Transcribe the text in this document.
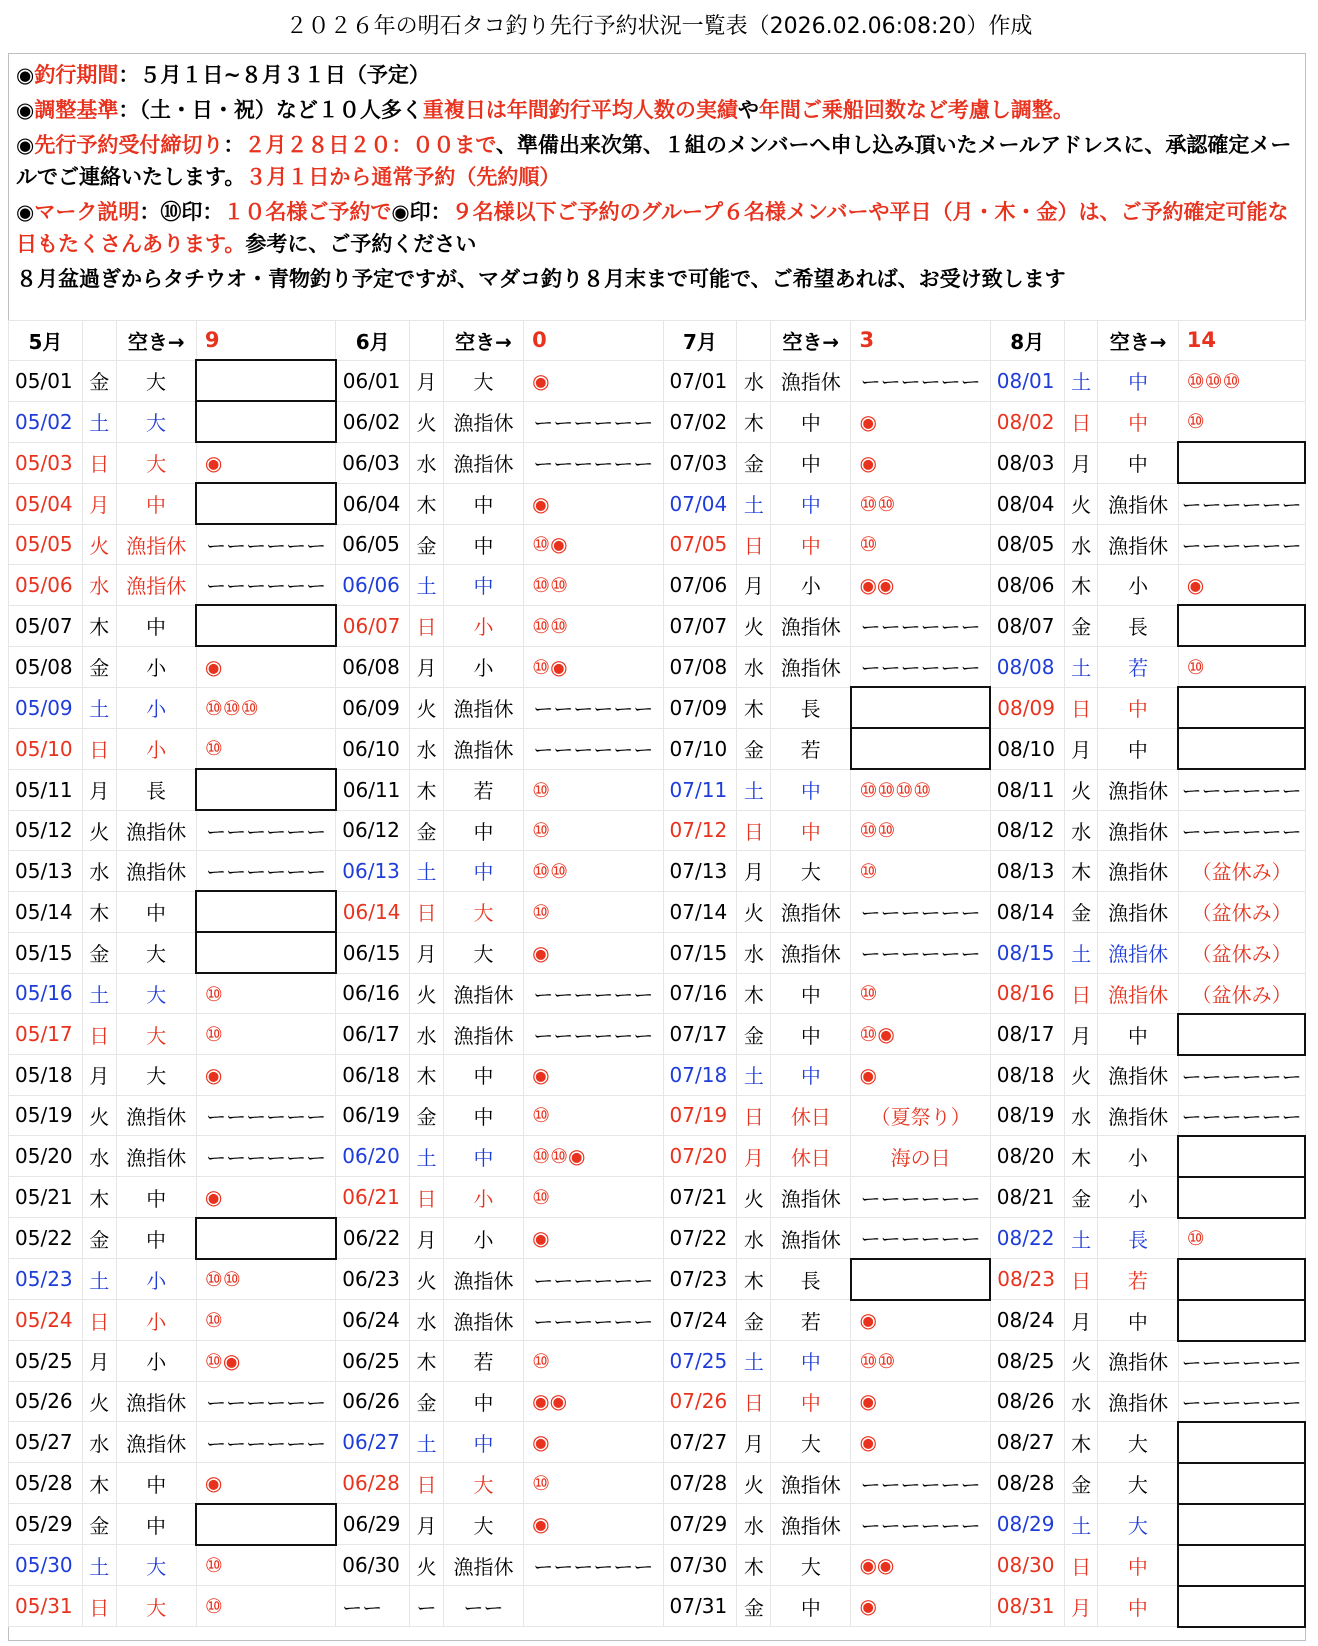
２０２６年の明石タコ釣り先行予約状況一覧表（2026.02.06:08:20）作成
◉釣行期間：５月１日~８月３１日（予定）
◉調整基準：（土・日・祝）など１０人多く重複日は年間釣行平均人数の実績や年間ご乗船回数など考慮し調整。
◉先行予約受付締切り：２月２８日２０：００まで、準備出来次第、１組のメンバーへ申し込み頂いたメールアドレスに、承認確定メールでご連絡いたします。３月１日から通常予約（先約順）
◉マーク説明：⑩印：１０名様ご予約で◉印：９名様以下ご予約のグループ６名様メンバーや平日（月・木・金）は、ご予約確定可能な日もたくさんあります。参考に、ご予約ください
８月盆過ぎからタチウオ・青物釣り予定ですが、マダコ釣り８月末まで可能で、ご希望あれば、お受け致します
5月		空き→	9	6月		空き→	0	7月		空き→	3	8月		空き→	14
05/01	金	大		06/01	月	大	◉	07/01	水	漁指休	ーーーーーー	08/01	土	中	⑩⑩⑩
05/02	土	大		06/02	火	漁指休	ーーーーーー	07/02	木	中	◉	08/02	日	中	⑩
05/03	日	大	◉	06/03	水	漁指休	ーーーーーー	07/03	金	中	◉	08/03	月	中	
05/04	月	中		06/04	木	中	◉	07/04	土	中	⑩⑩	08/04	火	漁指休	ーーーーーー
05/05	火	漁指休	ーーーーーー	06/05	金	中	⑩◉	07/05	日	中	⑩	08/05	水	漁指休	ーーーーーー
05/06	水	漁指休	ーーーーーー	06/06	土	中	⑩⑩	07/06	月	小	◉◉	08/06	木	小	◉
05/07	木	中		06/07	日	小	⑩⑩	07/07	火	漁指休	ーーーーーー	08/07	金	長	
05/08	金	小	◉	06/08	月	小	⑩◉	07/08	水	漁指休	ーーーーーー	08/08	土	若	⑩
05/09	土	小	⑩⑩⑩	06/09	火	漁指休	ーーーーーー	07/09	木	長		08/09	日	中	
05/10	日	小	⑩	06/10	水	漁指休	ーーーーーー	07/10	金	若		08/10	月	中	
05/11	月	長		06/11	木	若	⑩	07/11	土	中	⑩⑩⑩⑩	08/11	火	漁指休	ーーーーーー
05/12	火	漁指休	ーーーーーー	06/12	金	中	⑩	07/12	日	中	⑩⑩	08/12	水	漁指休	ーーーーーー
05/13	水	漁指休	ーーーーーー	06/13	土	中	⑩⑩	07/13	月	大	⑩	08/13	木	漁指休	（盆休み）
05/14	木	中		06/14	日	大	⑩	07/14	火	漁指休	ーーーーーー	08/14	金	漁指休	（盆休み）
05/15	金	大		06/15	月	大	◉	07/15	水	漁指休	ーーーーーー	08/15	土	漁指休	（盆休み）
05/16	土	大	⑩	06/16	火	漁指休	ーーーーーー	07/16	木	中	⑩	08/16	日	漁指休	（盆休み）
05/17	日	大	⑩	06/17	水	漁指休	ーーーーーー	07/17	金	中	⑩◉	08/17	月	中	
05/18	月	大	◉	06/18	木	中	◉	07/18	土	中	◉	08/18	火	漁指休	ーーーーーー
05/19	火	漁指休	ーーーーーー	06/19	金	中	⑩	07/19	日	休日	（夏祭り）	08/19	水	漁指休	ーーーーーー
05/20	水	漁指休	ーーーーーー	06/20	土	中	⑩⑩◉	07/20	月	休日	海の日	08/20	木	小	
05/21	木	中	◉	06/21	日	小	⑩	07/21	火	漁指休	ーーーーーー	08/21	金	小	
05/22	金	中		06/22	月	小	◉	07/22	水	漁指休	ーーーーーー	08/22	土	長	⑩
05/23	土	小	⑩⑩	06/23	火	漁指休	ーーーーーー	07/23	木	長		08/23	日	若	
05/24	日	小	⑩	06/24	水	漁指休	ーーーーーー	07/24	金	若	◉	08/24	月	中	
05/25	月	小	⑩◉	06/25	木	若	⑩	07/25	土	中	⑩⑩	08/25	火	漁指休	ーーーーーー
05/26	火	漁指休	ーーーーーー	06/26	金	中	◉◉	07/26	日	中	◉	08/26	水	漁指休	ーーーーーー
05/27	水	漁指休	ーーーーーー	06/27	土	中	◉	07/27	月	大	◉	08/27	木	大	
05/28	木	中	◉	06/28	日	大	⑩	07/28	火	漁指休	ーーーーーー	08/28	金	大	
05/29	金	中		06/29	月	大	◉	07/29	水	漁指休	ーーーーーー	08/29	土	大	
05/30	土	大	⑩	06/30	火	漁指休	ーーーーーー	07/30	木	大	◉◉	08/30	日	中	
05/31	日	大	⑩	ーー	ー	ーー		07/31	金	中	◉	08/31	月	中	
